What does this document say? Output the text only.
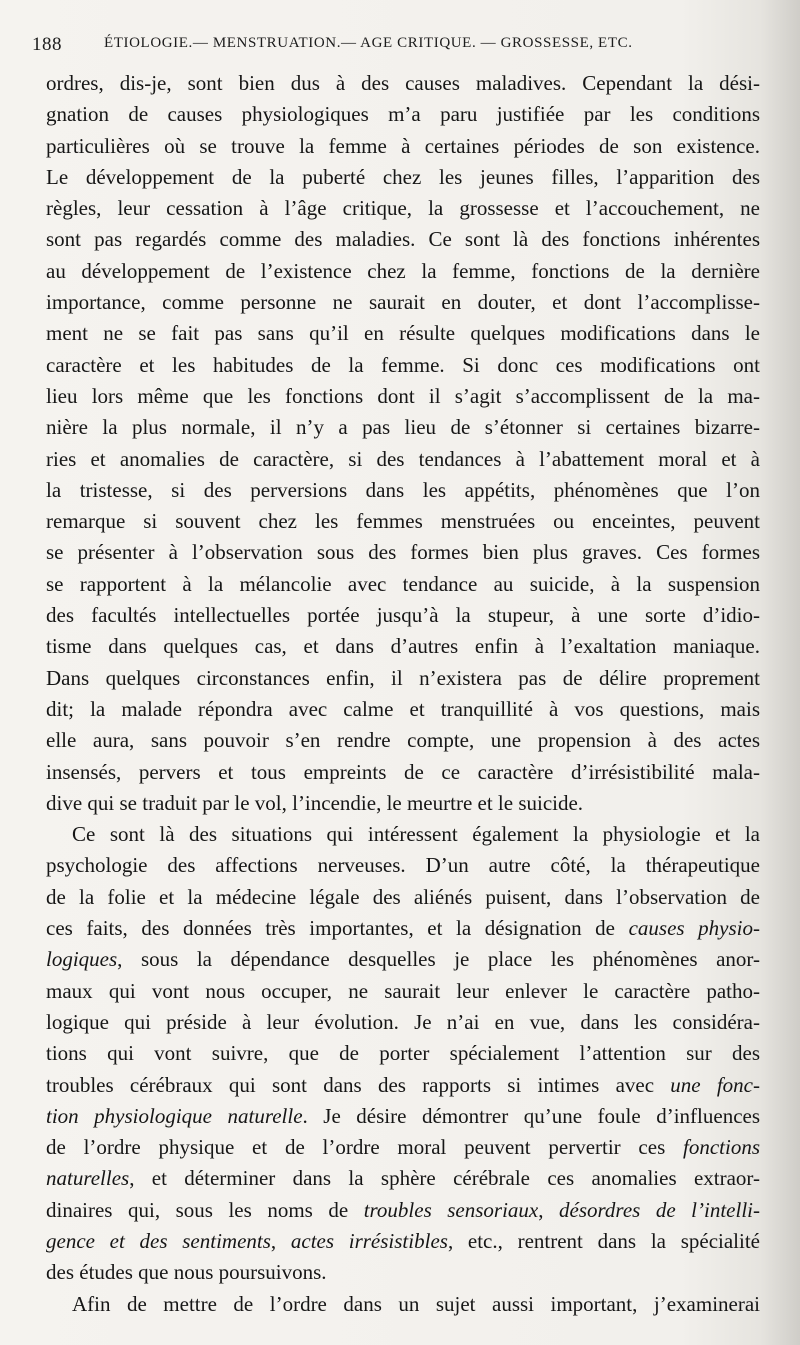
188	ÉTIOLOGIE.— MENSTRUATION.— AGE CRITIQUE. — GROSSESSE, ETC.
ordres, dis-je, sont bien dus à des causes maladives. Cependant la dési-
gnation de causes physiologiques m’a paru justifiée par les conditions
particulières où se trouve la femme à certaines périodes de son existence.
Le développement de la puberté chez les jeunes filles, l’apparition des
règles, leur cessation à l’âge critique, la grossesse et l’accouchement, ne
sont pas regardés comme des maladies. Ce sont là des fonctions inhérentes
au développement de l’existence chez la femme, fonctions de la dernière
importance, comme personne ne saurait en douter, et dont l’accomplisse-
ment ne se fait pas sans qu’il en résulte quelques modifications dans le
caractère et les habitudes de la femme. Si donc ces modifications ont
lieu lors même que les fonctions dont il s’agit s’accomplissent de la ma-
nière la plus normale, il n’y a pas lieu de s’étonner si certaines bizarre-
ries et anomalies de caractère, si des tendances à l’abattement moral et à
la tristesse, si des perversions dans les appétits, phénomènes que l’on
remarque si souvent chez les femmes menstruées ou enceintes, peuvent
se présenter à l’observation sous des formes bien plus graves. Ces formes
se rapportent à la mélancolie avec tendance au suicide, à la suspension
des facultés intellectuelles portée jusqu’à la stupeur, à une sorte d’idio-
tisme dans quelques cas, et dans d’autres enfin à l’exaltation maniaque.
Dans quelques circonstances enfin, il n’existera pas de délire proprement
dit; la malade répondra avec calme et tranquillité à vos questions, mais
elle aura, sans pouvoir s’en rendre compte, une propension à des actes
insensés, pervers et tous empreints de ce caractère d’irrésistibilité mala-
dive qui se traduit par le vol, l’incendie, le meurtre et le suicide.
Ce sont là des situations qui intéressent également la physiologie et la
psychologie des affections nerveuses. D’un autre côté, la thérapeutique
de la folie et la médecine légale des aliénés puisent, dans l’observation de
ces faits, des données très importantes, et la désignation de causes physio-
logiques, sous la dépendance desquelles je place les phénomènes anor-
maux qui vont nous occuper, ne saurait leur enlever le caractère patho-
logique qui préside à leur évolution. Je n’ai en vue, dans les considéra-
tions qui vont suivre, que de porter spécialement l’attention sur des
troubles cérébraux qui sont dans des rapports si intimes avec une fonc-
tion physiologique naturelle. Je désire démontrer qu’une foule d’influences
de l’ordre physique et de l’ordre moral peuvent pervertir ces fonctions
naturelles, et déterminer dans la sphère cérébrale ces anomalies extraor-
dinaires qui, sous les noms de troubles sensoriaux, désordres de l’intelli-
gence et des sentiments, actes irrésistibles, etc., rentrent dans la spécialité
des études que nous poursuivons.
Afin de mettre de l’ordre dans un sujet aussi important, j’examinerai
